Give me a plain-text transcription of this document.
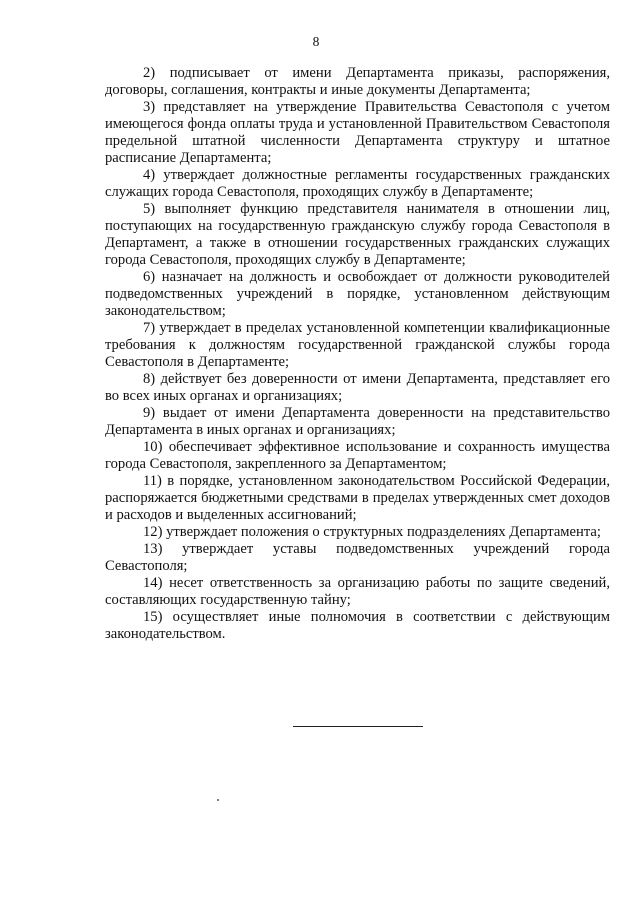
8

2) подписывает от имени Департамента приказы, распоряжения, договоры, соглашения, контракты и иные документы Департамента;

3) представляет на утверждение Правительства Севастополя с учетом имеющегося фонда оплаты труда и установленной Правительством Севастополя предельной штатной численности Департамента структуру и штатное расписание Департамента;

4) утверждает должностные регламенты государственных гражданских служащих города Севастополя, проходящих службу в Департаменте;

5) выполняет функцию представителя нанимателя в отношении лиц, поступающих на государственную гражданскую службу города Севастополя в Департамент, а также в отношении государственных гражданских служащих города Севастополя, проходящих службу в Департаменте;

6) назначает на должность и освобождает от должности руководителей подведомственных учреждений в порядке, установленном действующим законодательством;

7) утверждает в пределах установленной компетенции квалификационные требования к должностям государственной гражданской службы города Севастополя в Департаменте;

8) действует без доверенности от имени Департамента, представляет его во всех иных органах и организациях;

9) выдает от имени Департамента доверенности на представительство Департамента в иных органах и организациях;

10) обеспечивает эффективное использование и сохранность имущества города Севастополя, закрепленного за Департаментом;

11) в порядке, установленном законодательством Российской Федерации, распоряжается бюджетными средствами в пределах утвержденных смет доходов и расходов и выделенных ассигнований;

12) утверждает положения о структурных подразделениях Департамента;

13) утверждает уставы подведомственных учреждений города Севастополя;

14) несет ответственность за организацию работы по защите сведений, составляющих государственную тайну;

15) осуществляет иные полномочия в соответствии с действующим законодательством.
